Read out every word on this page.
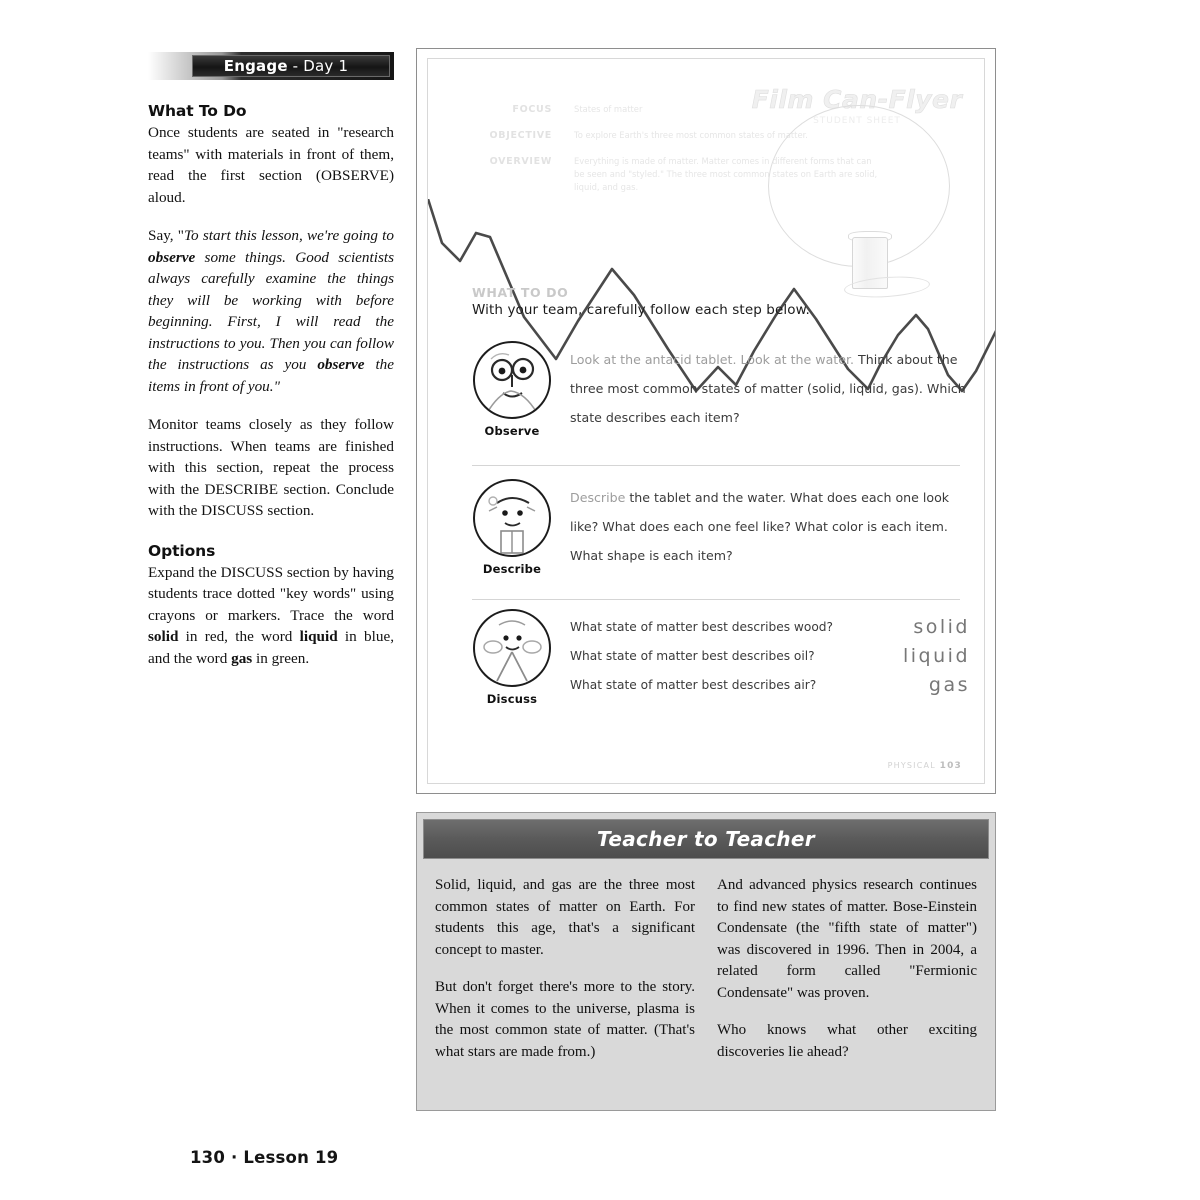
Engage - Day 1
What To Do

Once students are seated in "research teams" with materials in front of them, read the first section (OBSERVE) aloud.

Say, "To start this lesson, we're going to observe some things. Good scientists always carefully examine the things they will be working with before beginning. First, I will read the instructions to you. Then you can follow the instructions as you observe the items in front of you."

Monitor teams closely as they follow instructions. When teams are finished with this section, repeat the process with the DESCRIBE section. Conclude with the DISCUSS section.

Options

Expand the DISCUSS section by having students trace dotted "key words" using crayons or markers. Trace the word solid in red, the word liquid in blue, and the word gas in green.

FOCUS	States of matter
OBJECTIVE	To explore Earth's three most common states of matter.
OVERVIEW	Everything is made of matter. Matter comes in different forms that can be seen and "styled." The three most common states on Earth are solid, liquid, and gas.
Film Can-Flyer
STUDENT SHEET
WHAT TO DO
With your team, carefully follow each step below.
Observe
Look at the antacid tablet. Look at the water. Think about the three most common states of matter (solid, liquid, gas). Which state describes each item?
Describe
Describe the tablet and the water. What does each one look like? What does each one feel like? What color is each item. What shape is each item?
Discuss
What state of matter best describes wood?
What state of matter best describes oil?
What state of matter best describes air?
solid
liquid
gas
PHYSICAL 103
Teacher to Teacher

Solid, liquid, and gas are the three most common states of matter on Earth. For students this age, that's a significant concept to master.

But don't forget there's more to the story. When it comes to the universe, plasma is the most common state of matter. (That's what stars are made from.)

And advanced physics research continues to find new states of matter. Bose-Einstein Condensate (the "fifth state of matter") was discovered in 1996. Then in 2004, a related form called "Fermionic Condensate" was proven.

Who knows what other exciting discoveries lie ahead?

130 · Lesson 19
